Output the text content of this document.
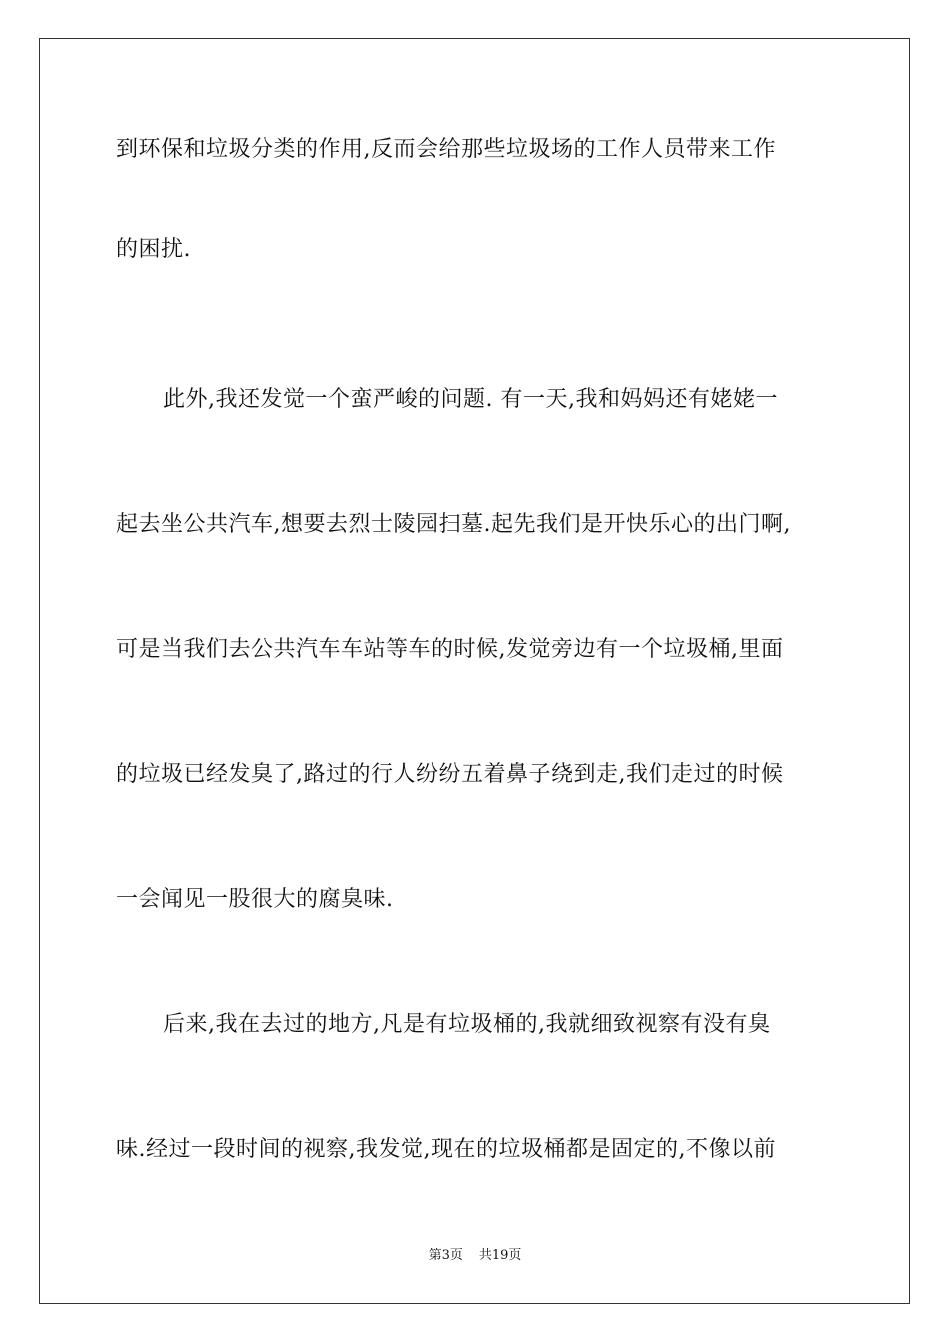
到环保和垃圾分类的作用,反而会给那些垃圾场的工作人员带来工作
的困扰.
此外,我还发觉一个蛮严峻的问题. 有一天,我和妈妈还有姥姥一
起去坐公共汽车,想要去烈士陵园扫墓.起先我们是开快乐心的出门啊,
可是当我们去公共汽车车站等车的时候,发觉旁边有一个垃圾桶,里面
的垃圾已经发臭了,路过的行人纷纷五着鼻子绕到走,我们走过的时候
一会闻见一股很大的腐臭味.
后来,我在去过的地方,凡是有垃圾桶的,我就细致视察有没有臭
味.经过一段时间的视察,我发觉,现在的垃圾桶都是固定的,不像以前
第3页 共19页
